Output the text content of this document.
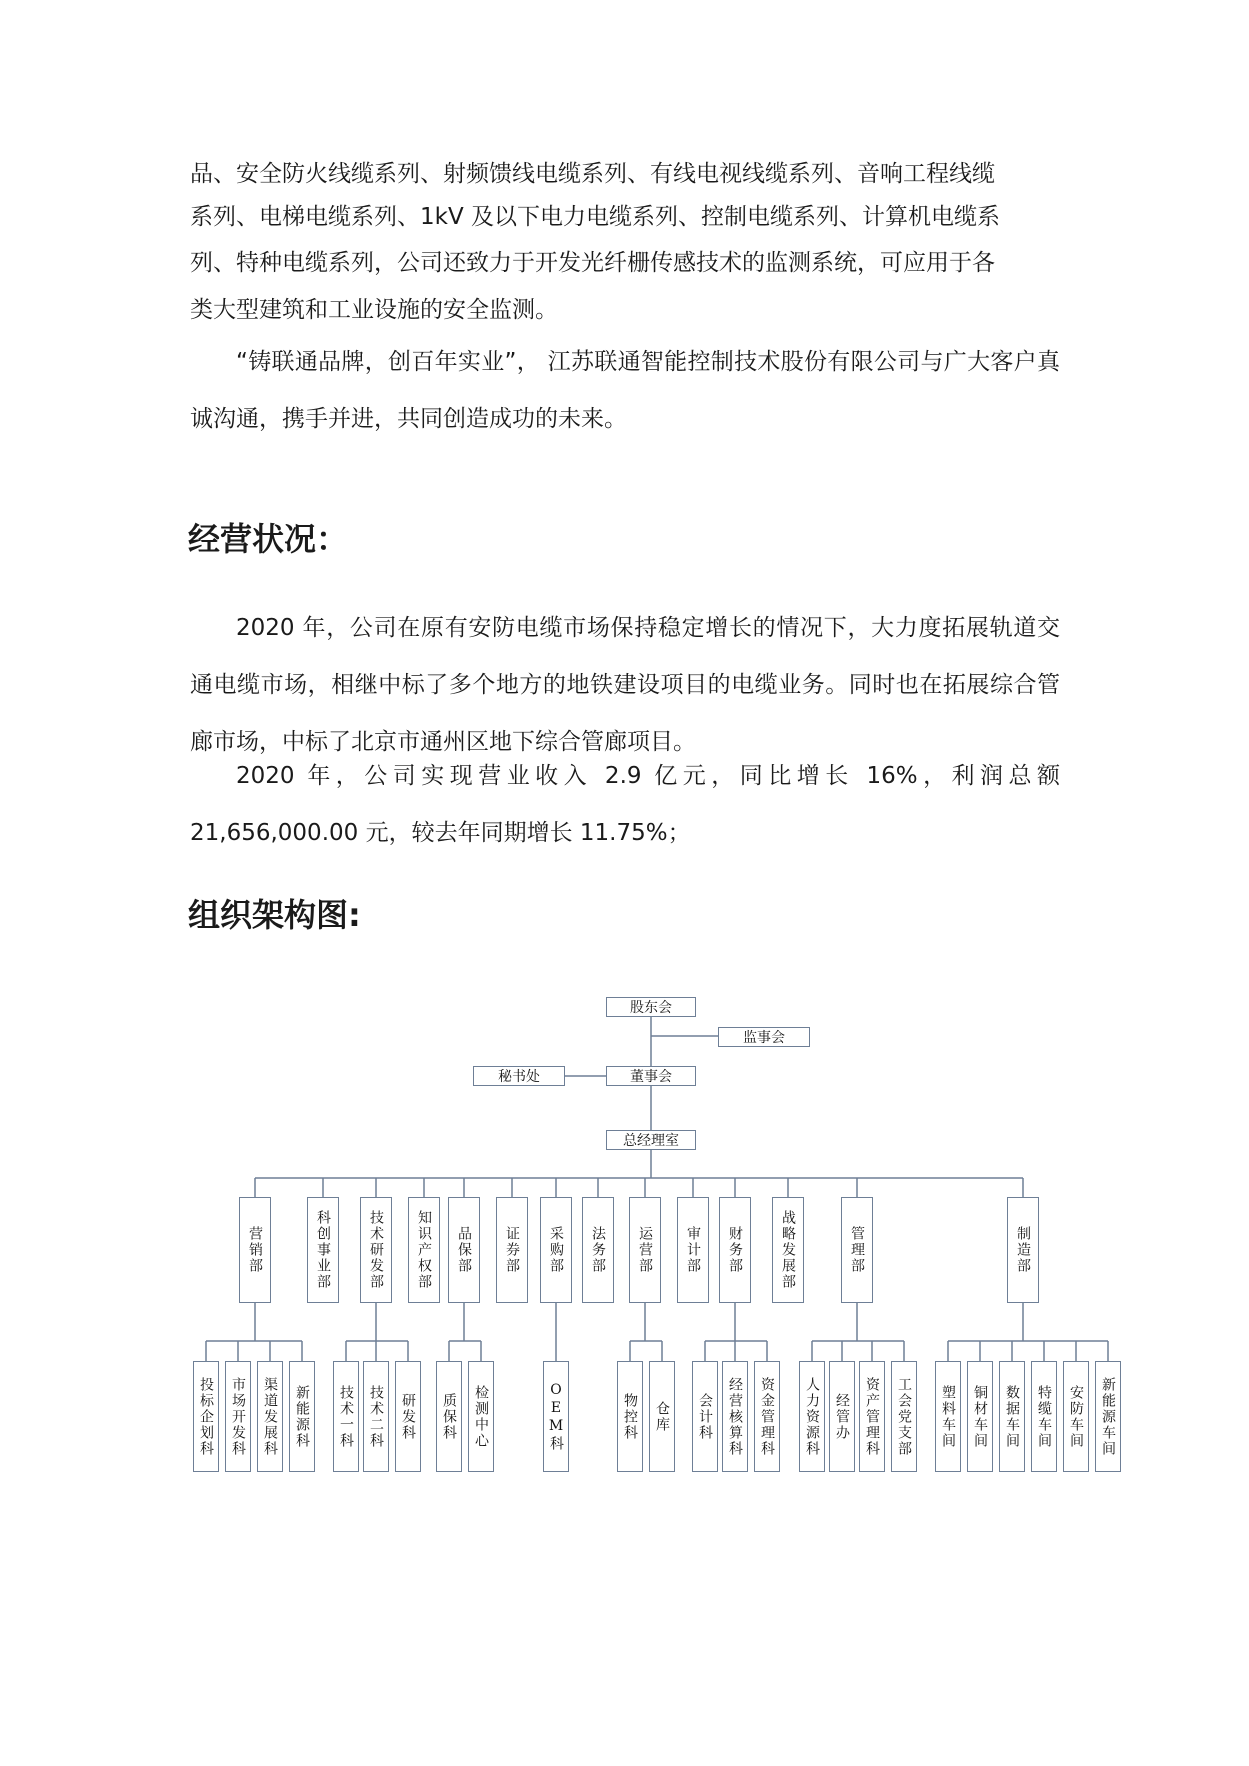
品、安全防火线缆系列、射频馈线电缆系列、有线电视线缆系列、音响工程线缆

系列、电梯电缆系列、1kV 及以下电力电缆系列、控制电缆系列、计算机电缆系

列、特种电缆系列，公司还致力于开发光纤栅传感技术的监测系统，可应用于各

类大型建筑和工业设施的安全监测。

“铸联通品牌，创百年实业”， 江苏联通智能控制技术股份有限公司与广大客户真诚沟通，携手并进，共同创造成功的未来。

经营状况：

2020 年，公司在原有安防电缆市场保持稳定增长的情况下，大力度拓展轨道交通电缆市场，相继中标了多个地方的地铁建设项目的电缆业务。同时也在拓展综合管廊市场，中标了北京市通州区地下综合管廊项目。

2020 年，公司实现营业收入 2.9 亿元，同比增长 16%，利润总额21,656,000.00 元，较去年同期增长 11.75%；

组织架构图:
股东会
监事会
秘书处	董事会
总经理室
营销部
投标企划科	市场开发科	渠道发展科	新能源科
科创事业部	技术研发部
技术一科	技术二科	研发科
知识产权部	品保部
质保科	检测中心
证券部	采购部
OEM科
法务部	运营部
物控科	仓库
审计部	财务部
会计科	经营核算科	资金管理科
战略发展部	管理部
人力资源科	经管办	资产管理科	工会党支部
制造部
塑料车间	铜材车间	数据车间	特缆车间	安防车间	新能源车间
